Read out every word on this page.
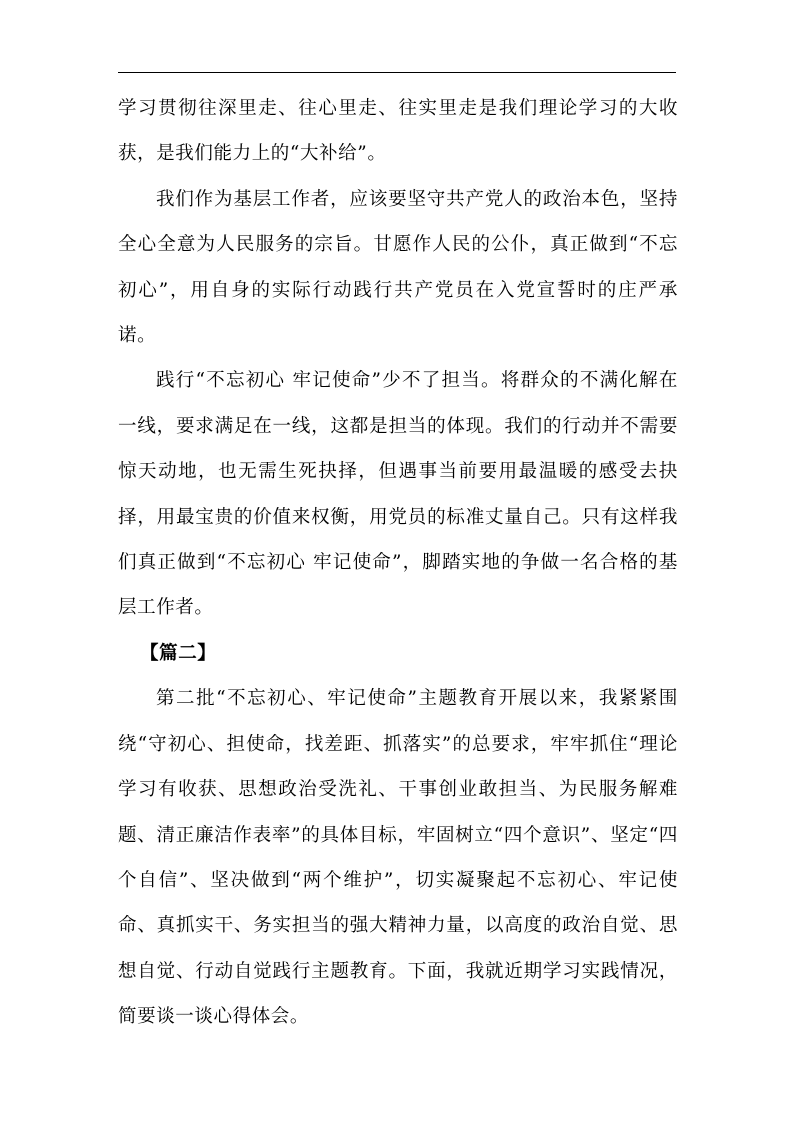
学习贯彻往深里走、往心里走、往实里走是我们理论学习的大收获，是我们能力上的“大补给”。

我们作为基层工作者，应该要坚守共产党人的政治本色，坚持全心全意为人民服务的宗旨。甘愿作人民的公仆，真正做到“不忘初心”，用自身的实际行动践行共产党员在入党宣誓时的庄严承诺。

践行“不忘初心 牢记使命”少不了担当。将群众的不满化解在一线，要求满足在一线，这都是担当的体现。我们的行动并不需要惊天动地，也无需生死抉择，但遇事当前要用最温暖的感受去抉择，用最宝贵的价值来权衡，用党员的标准丈量自己。只有这样我们真正做到“不忘初心 牢记使命”，脚踏实地的争做一名合格的基层工作者。

【篇二】

第二批“不忘初心、牢记使命”主题教育开展以来，我紧紧围绕“守初心、担使命，找差距、抓落实”的总要求，牢牢抓住“理论学习有收获、思想政治受洗礼、干事创业敢担当、为民服务解难题、清正廉洁作表率”的具体目标，牢固树立“四个意识”、坚定“四个自信”、坚决做到“两个维护”，切实凝聚起不忘初心、牢记使命、真抓实干、务实担当的强大精神力量，以高度的政治自觉、思想自觉、行动自觉践行主题教育。下面，我就近期学习实践情况，简要谈一谈心得体会。
